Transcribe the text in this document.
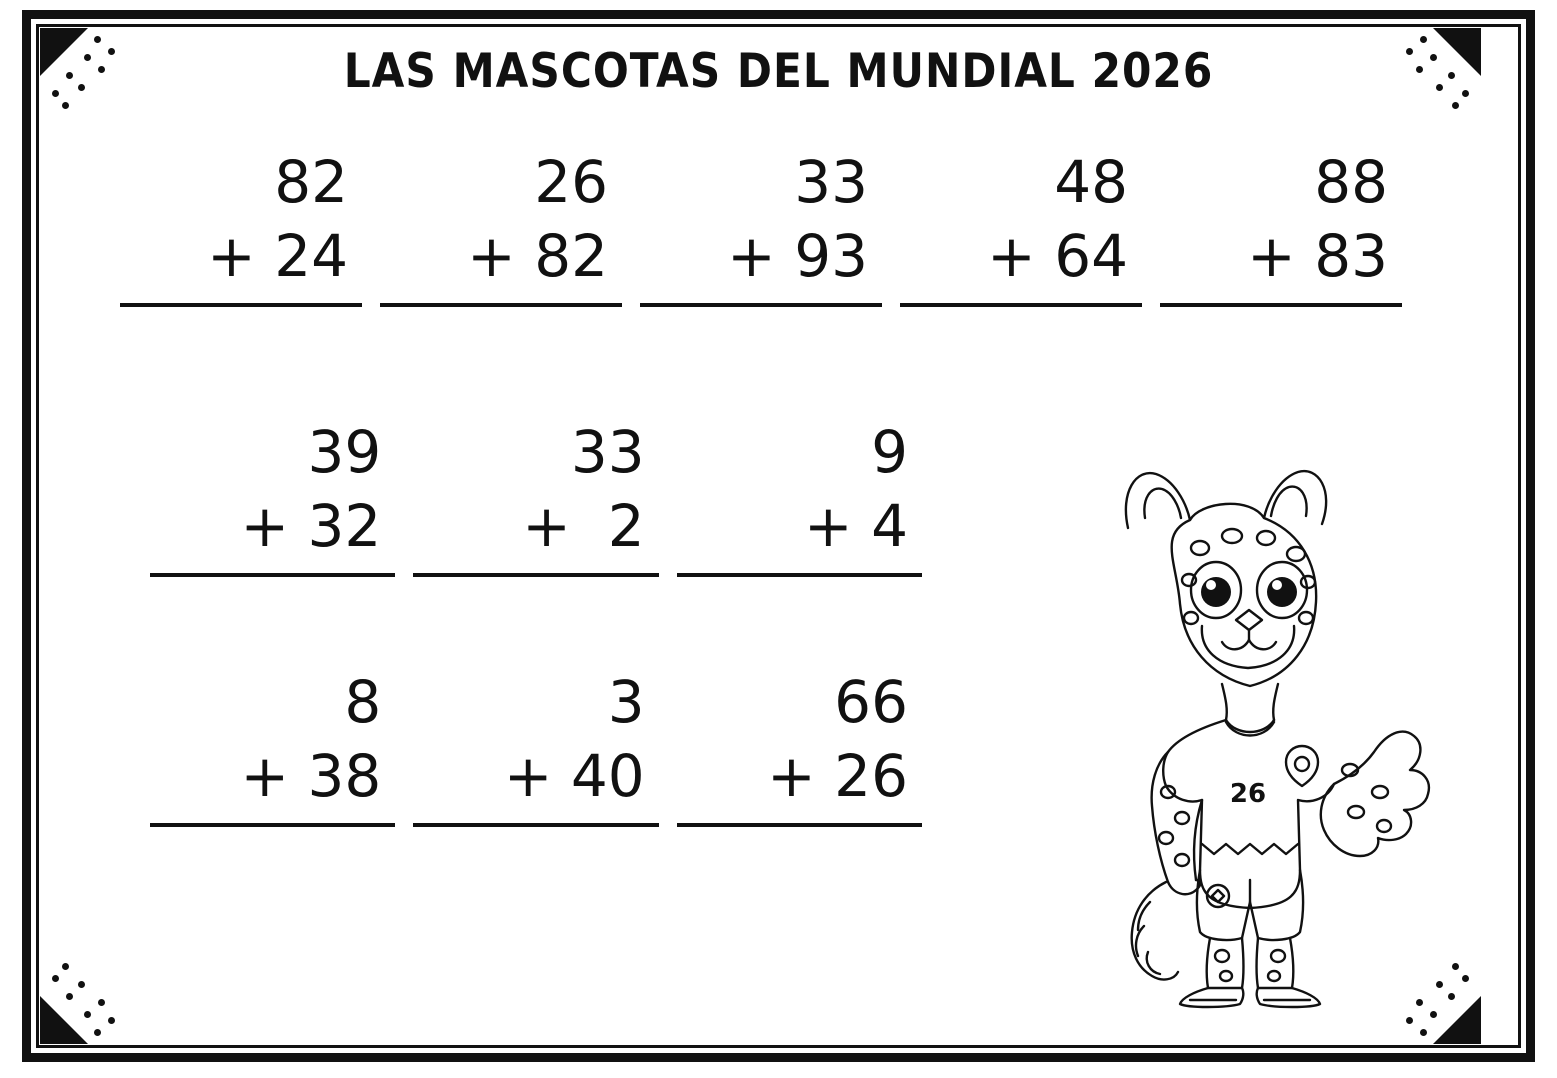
LAS MASCOTAS DEL MUNDIAL 2026
82
+ 24
26
+ 82
33
+ 93
48
+ 64
88
+ 83
39
+ 32
33
+  2
9
+ 4
8
+ 38
3
+ 40
66
+ 26	26
